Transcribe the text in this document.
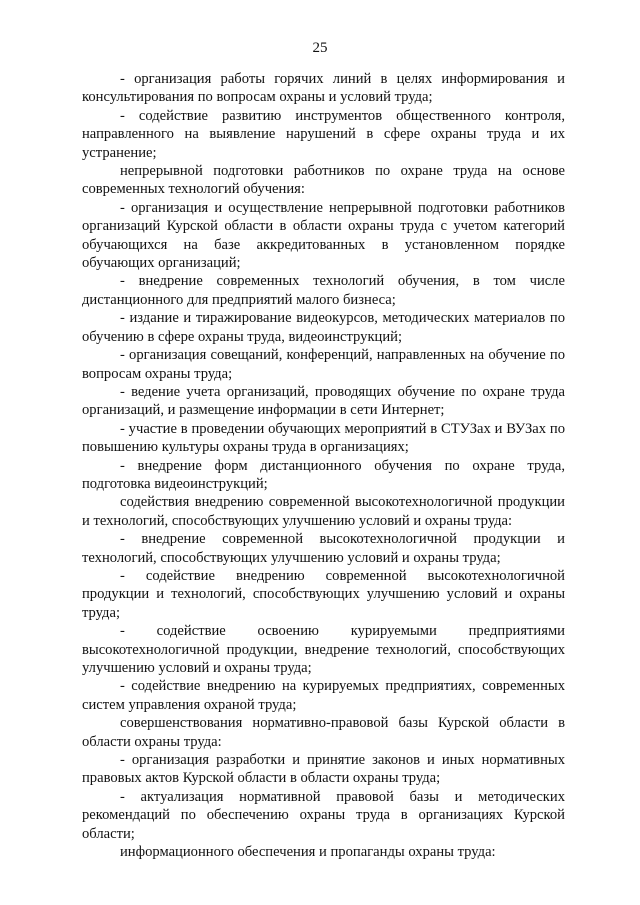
25

- организация работы горячих линий в целях информирования и консультирования по вопросам охраны и условий труда;

- содействие развитию инструментов общественного контроля, направленного на выявление нарушений в сфере охраны труда и их устранение;

непрерывной подготовки работников по охране труда на основе современных технологий обучения:

- организация и осуществление непрерывной подготовки работников организаций Курской области в области охраны труда с учетом категорий обучающихся на базе аккредитованных в установленном порядке обучающих организаций;

- внедрение современных технологий обучения, в том числе дистанционного для предприятий малого бизнеса;

- издание и тиражирование видеокурсов, методических материалов по обучению в сфере охраны труда, видеоинструкций;

- организация совещаний, конференций, направленных на обучение по вопросам охраны труда;

- ведение учета организаций, проводящих обучение по охране труда организаций, и размещение информации в сети Интернет;

- участие в проведении обучающих мероприятий в СТУЗах и ВУЗах по повышению культуры охраны труда в организациях;

- внедрение форм дистанционного обучения по охране труда, подготовка видеоинструкций;

содействия внедрению современной высокотехнологичной продукции и технологий, способствующих улучшению условий и охраны труда:

- внедрение современной высокотехнологичной продукции и технологий, способствующих улучшению условий и охраны труда;

- содействие внедрению современной высокотехнологичной продукции и технологий, способствующих улучшению условий и охраны труда;

- содействие освоению курируемыми предприятиями высокотехнологичной продукции, внедрение технологий, способствующих улучшению условий и охраны труда;

- содействие внедрению на курируемых предприятиях, современных систем управления охраной труда;

совершенствования нормативно-правовой базы Курской области в области охраны труда:

- организация разработки и принятие законов и иных нормативных правовых актов Курской области в области охраны труда;

- актуализация нормативной правовой базы и методических рекомендаций по обеспечению охраны труда в организациях Курской области;

информационного обеспечения и пропаганды охраны труда:
